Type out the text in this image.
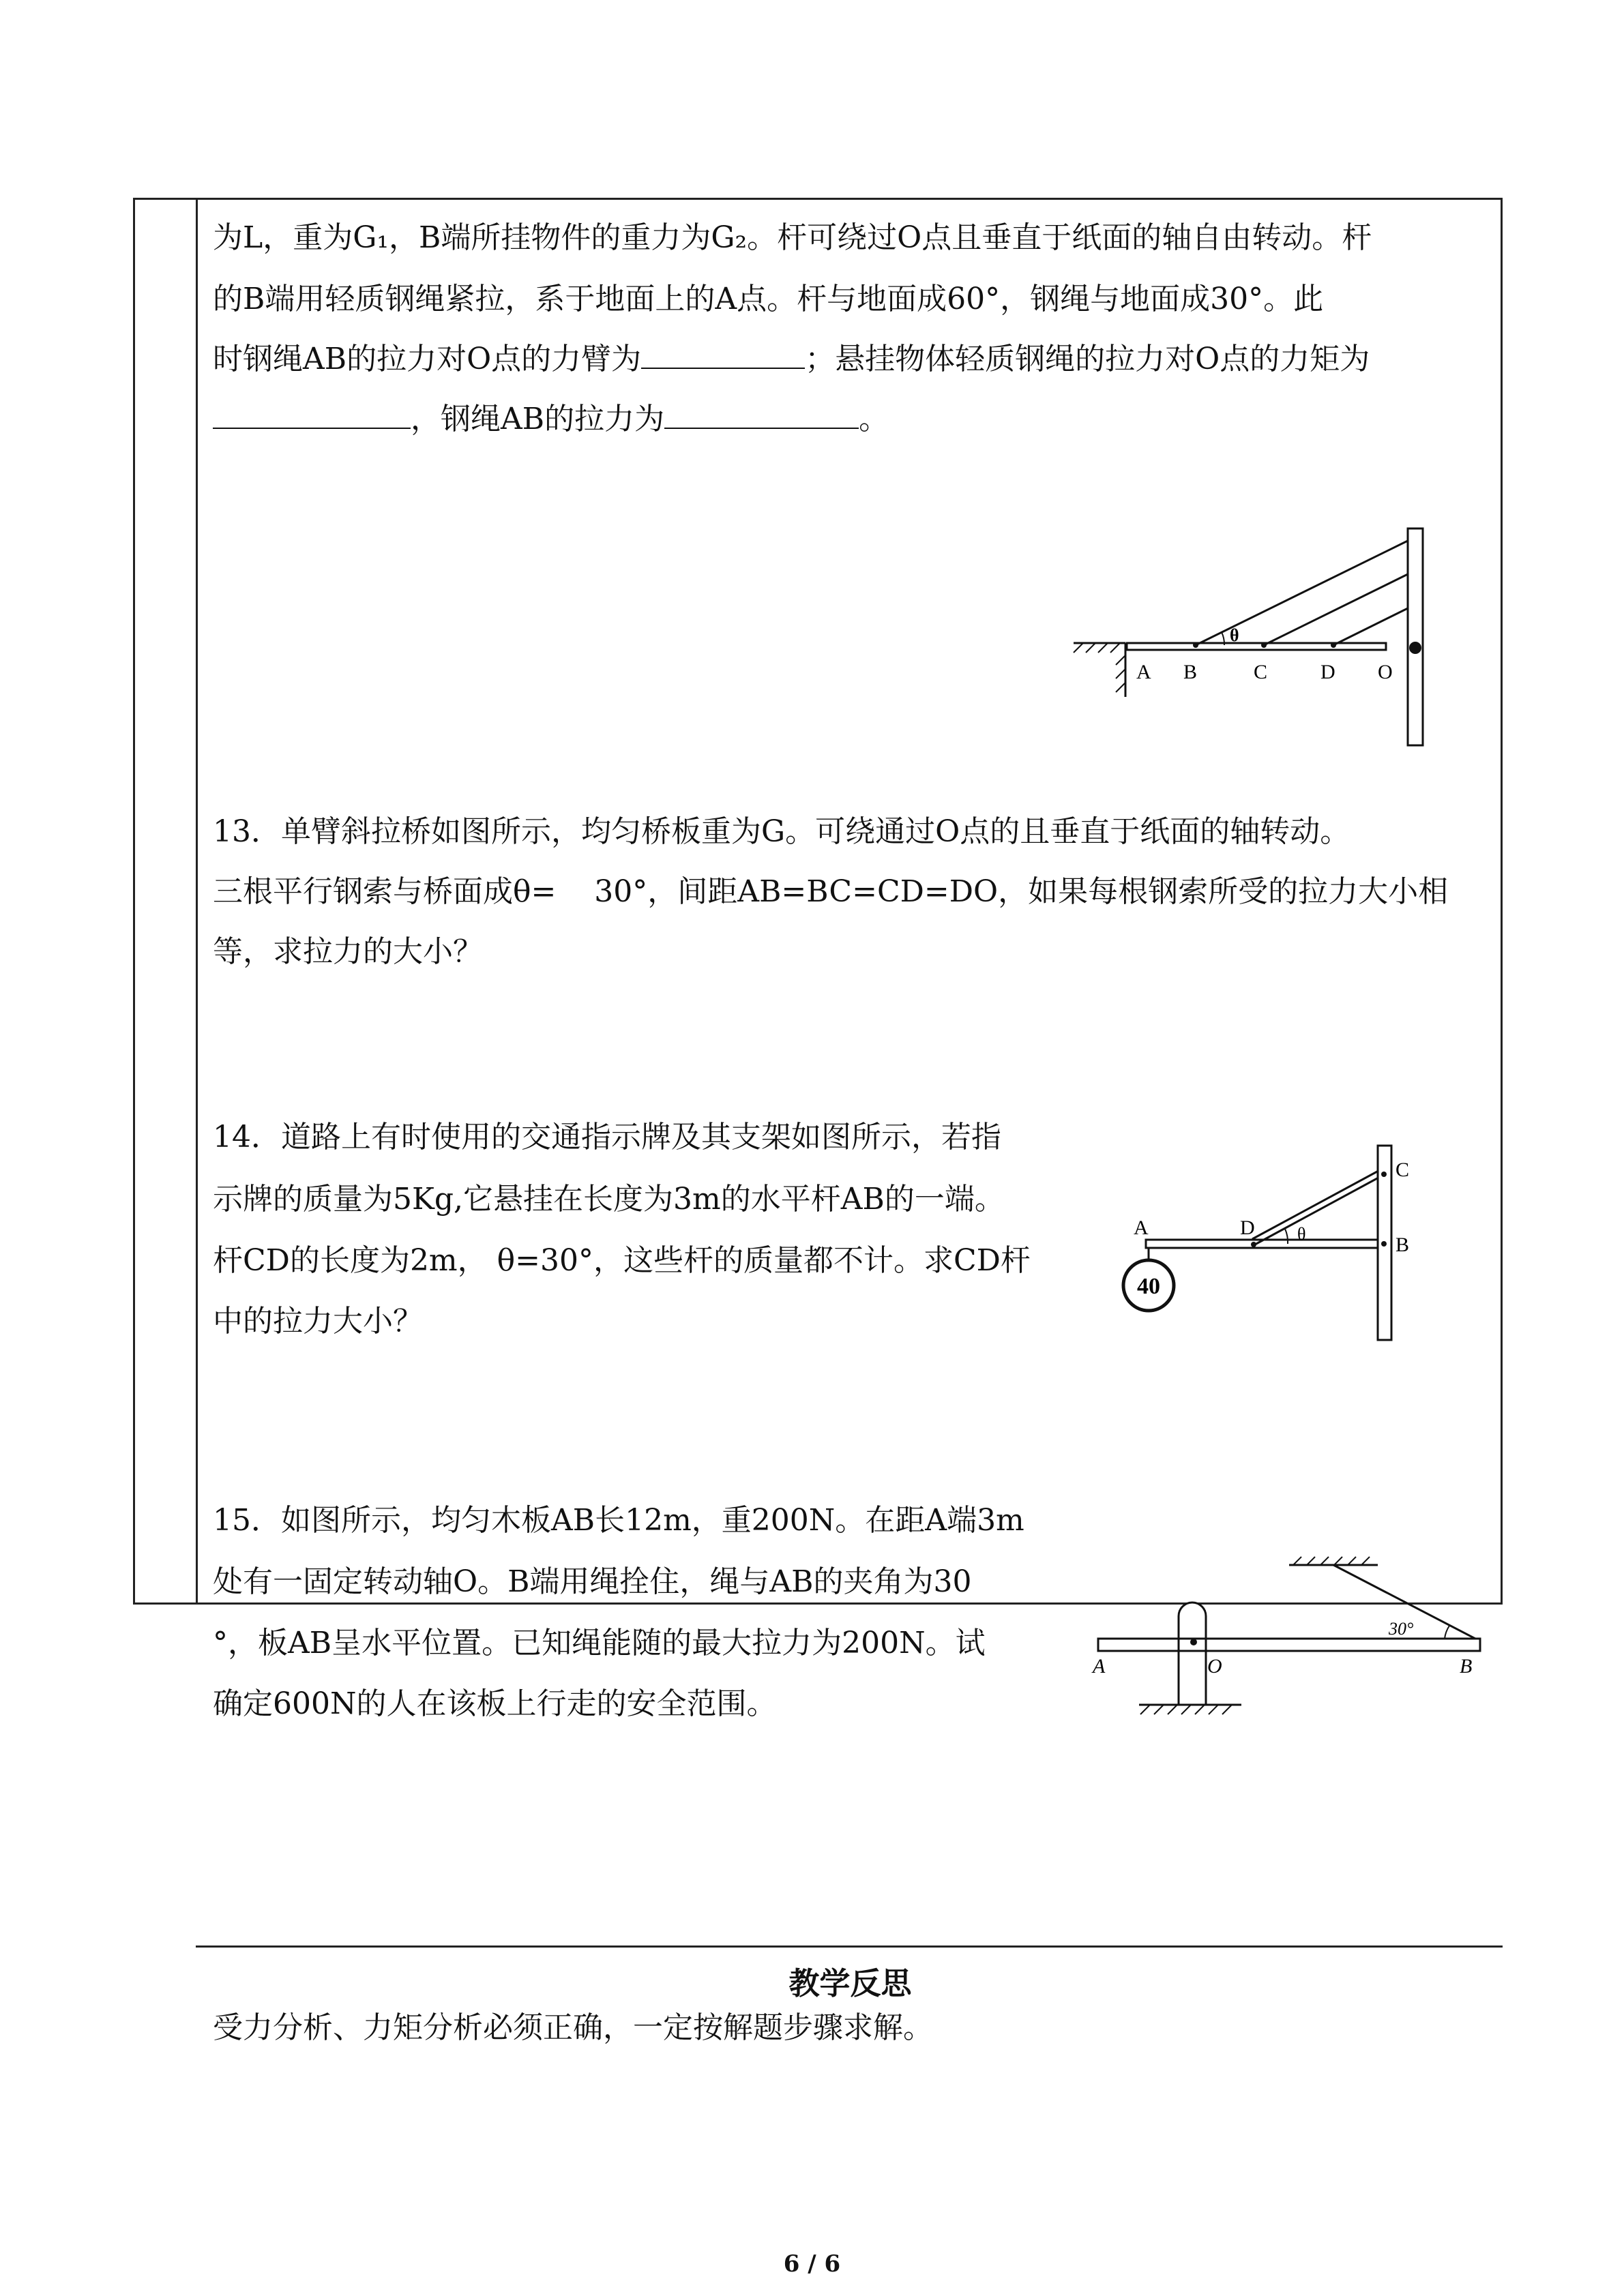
为L，重为G₁，B端所挂物件的重力为G₂。杆可绕过O点且垂直于纸面的轴自由转动。杆
的B端用轻质钢绳紧拉，系于地面上的A点。杆与地面成60°，钢绳与地面成30°。此
时钢绳AB的拉力对O点的力臂为	；悬挂物体轻质钢绳的拉力对O点的力矩为
，钢绳AB的拉力为	。
θ
A B	C	D O
13．单臂斜拉桥如图所示，均匀桥板重为G。可绕通过O点的且垂直于纸面的轴转动。
三根平行钢索与桥面成θ=    30°，间距AB=BC=CD=DO，如果每根钢索所受的拉力大小相
等，求拉力的大小？
14．道路上有时使用的交通指示牌及其支架如图所示，若指
示牌的质量为5Kg,它悬挂在长度为3m的水平杆AB的一端。
杆CD的长度为2m， θ=30°，这些杆的质量都不计。求CD杆
中的拉力大小？
θ
40
A	D
C
B
15．如图所示，均匀木板AB长12m，重200N。在距A端3m
处有一固定转动轴O。B端用绳拴住，绳与AB的夹角为30
°，板AB呈水平位置。已知绳能随的最大拉力为200N。试
确定600N的人在该板上行走的安全范围。
30°
A	O	B
教学反思
受力分析、力矩分析必须正确，一定按解题步骤求解。
6 / 6
